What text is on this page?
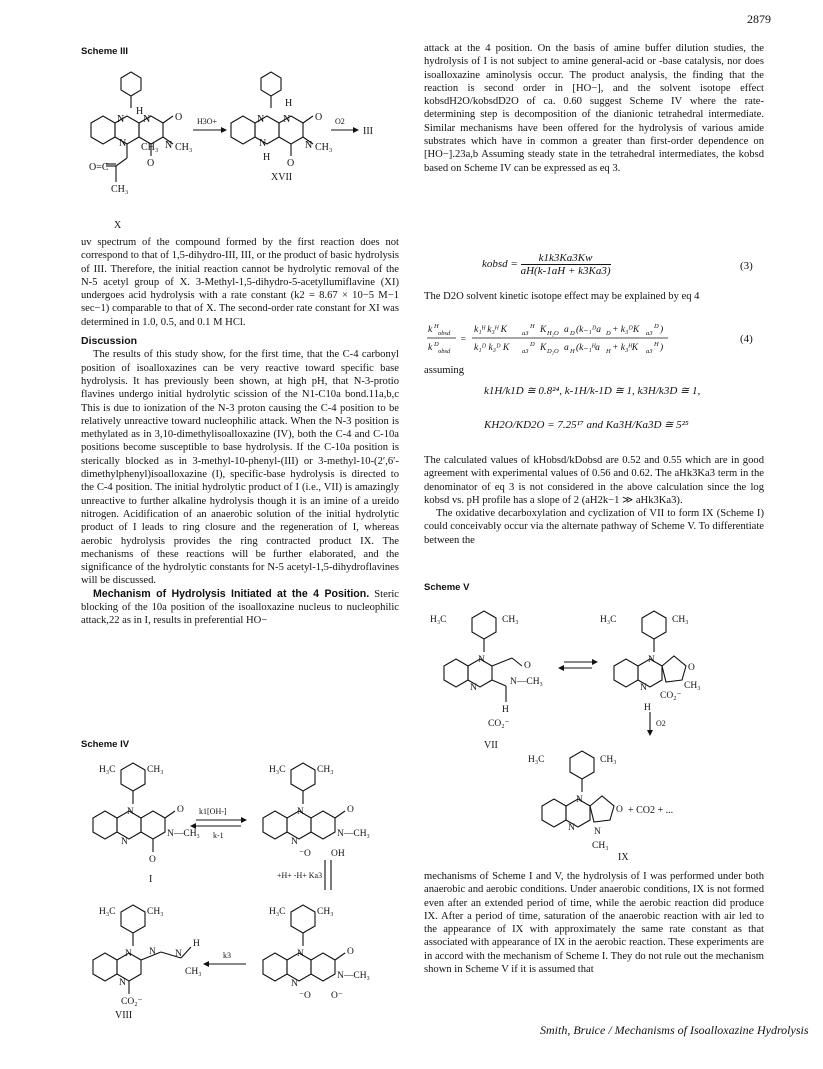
2879
Scheme III
H
N N O
N CH₃
N CH₃
O
O=C
CH₃
H
N N O
N CH₃
N
H
O
H3O+	O2
III
XVII
X

uv spectrum of the compound formed by the first reaction does not correspond to that of 1,5-dihydro-III, III, or the product of basic hydrolysis of III. Therefore, the initial reaction cannot be hydrolytic removal of the N-5 acetyl group of X. 3-Methyl-1,5-dihydro-5-acetyllumiflavine (XI) undergoes acid hydrolysis with a rate constant (k2 = 8.67 × 10−5 M−1 sec−1) comparable to that of X. The second-order rate constant for XI was determined in 1.0, 0.5, and 0.1 M HCl.

Discussion

The results of this study show, for the first time, that the C-4 carbonyl position of isoalloxazines can be very reactive toward specific base hydrolysis. It has previously been shown, at high pH, that N-3-protio flavines undergo initial hydrolytic scission of the N1-C10a bond.11a,b,c This is due to ionization of the N-3 proton causing the C-4 position to be relatively unreactive toward nucleophilic attack. When the N-3 position is methylated as in 3,10-dimethylisoalloxazine (IV), both the C-4 and C-10a positions become susceptible to base hydrolysis. If the C-10a position is sterically blocked as in 3-methyl-10-phenyl-(III) or 3-methyl-10-(2′,6′-dimethylphenyl)isoalloxazine (I), specific-base hydrolysis is directed to the C-4 position. The initial hydrolytic product of I (i.e., VII) is amazingly unreactive to further alkaline hydrolysis though it is an imine of a ureido nitrogen. Acidification of an anaerobic solution of the initial hydrolytic product of I leads to ring closure and the regeneration of I, whereas aerobic hydrolysis provides the ring contracted product IX. The mechanisms of these reactions will be further elaborated, and the significance of the hydrolytic constants for N-5 acetyl-1,5-dihydroflavines will be discussed.

Mechanism of Hydrolysis Initiated at the 4 Position. Steric blocking of the 10a position of the isoalloxazine nucleus to nucleophilic attack,22 as in I, results in preferential HO−

Scheme IV
H₃C	CH₃
N	O
N—CH₃
N
O
H₃C	CH₃
N	O
N—CH₃
N
⁻O OH
H₃C	CH₃
N N N
H
CH₃
N
CO₂⁻
H₃C	CH₃
N	O
N—CH₃
N
⁻O O⁻
k1[OH-]
k-1
+H+ -H+ Ka3
k3
I
VIII

attack at the 4 position. On the basis of amine buffer dilution studies, the hydrolysis of I is not subject to amine general-acid or -base catalysis, nor does isoalloxazine aminolysis occur. The product analysis, the finding that the reaction is second order in [HO−], and the solvent isotope effect kobsdH2O/kobsdD2O of ca. 0.60 suggest Scheme IV where the rate-determining step is decomposition of the dianionic tetrahedral intermediate. Similar mechanisms have been offered for the hydrolysis of various amide substrates which have in common a greater than first-order dependence on [HO−].23a,b Assuming steady state in the tetrahedral intermediates, the kobsd based on Scheme IV can be expressed as eq 3.

kobsd = $\frac{k1k3Ka3Kw}{aH(k-1aH + k3Ka3)}$	(3)

The D2O solvent kinetic isotope effect may be explained by eq 4

k H
obsd
k D
obsd
=
k₁ᴴ k₃ᴴ K a3
H K H₂O a D (k₋₁ᴰa D + k₃ᴰK a3
D )
k₁ᴰ k₃ᴰ K a3
D K D₂O a H (k₋₁ᴴa H + k₃ᴴK a3
H )
(4)

assuming

k1H/k1D ≅ 0.8²⁴, k-1H/k-1D ≅ 1, k3H/k3D ≅ 1,
KH2O/KD2O = 7.25¹⁷ and Ka3H/Ka3D ≅ 5²⁵

The calculated values of kHobsd/kDobsd are 0.52 and 0.55 which are in good agreement with experimental values of 0.56 and 0.62. The aHk3Ka3 term in the denominator of eq 3 is not considered in the above calculation since the log kobsd vs. pH profile has a slope of 2 (aH2k−1 ≫ aHk3Ka3).

The oxidative decarboxylation and cyclization of VII to form IX (Scheme I) could conceivably occur via the alternate pathway of Scheme V. To differentiate between the

Scheme V
H₃C	CH₃
N
O
N—CH₃
N
H
CO₂⁻
H₃C	CH₃
N
O
CH₃
N
CO₂⁻
H
H₃C	CH₃
N
O
N N
CH₃
O2
+ CO2 + ...
VII
IX

mechanisms of Scheme I and V, the hydrolysis of I was performed under both anaerobic and aerobic conditions. Under anaerobic conditions, IX is not formed even after an extended period of time, while the aerobic reaction did produce IX. After a period of time, saturation of the anaerobic reaction with air led to the appearance of IX with approximately the same rate constant as that associated with appearance of IX in the aerobic reaction. These experiments are in accord with the mechanism of Scheme I. They do not rule out the mechanism shown in Scheme V if it is assumed that

Smith, Bruice / Mechanisms of Isoalloxazine Hydrolysis
